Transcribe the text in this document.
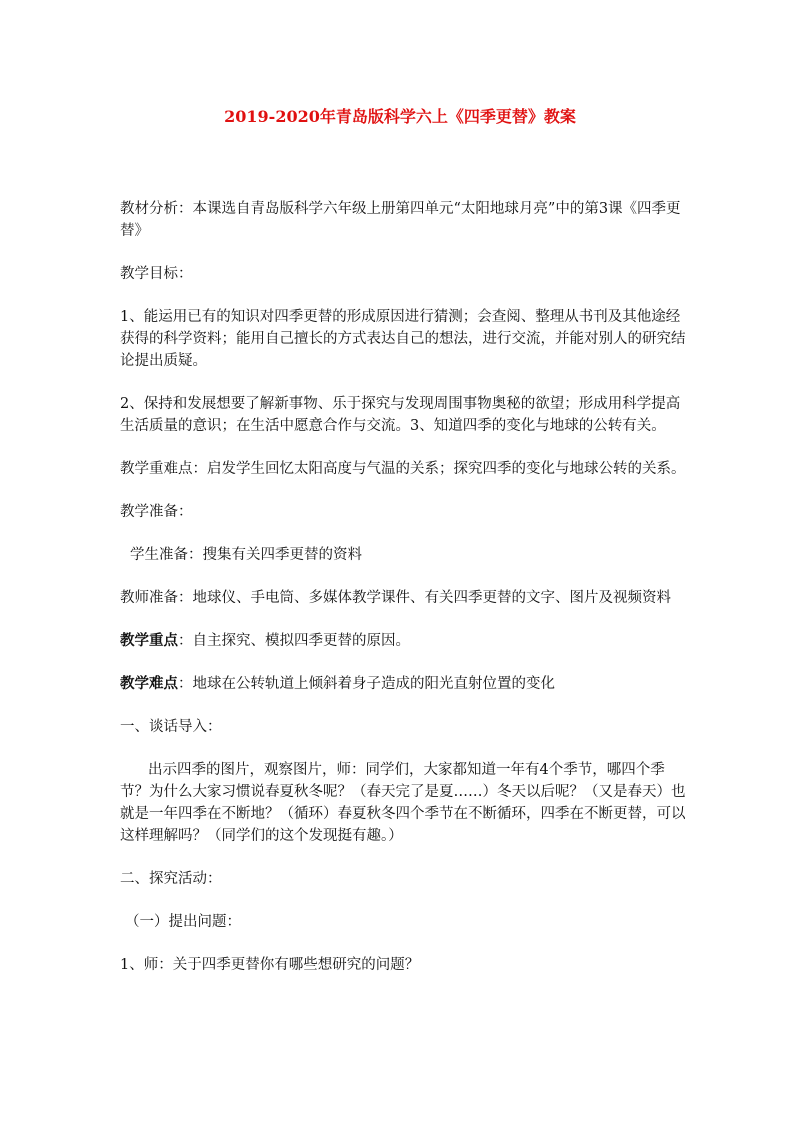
2019-2020年青岛版科学六上《四季更替》教案

教材分析：本课选自青岛版科学六年级上册第四单元“太阳地球月亮”中的第3课《四季更替》

教学目标：

1、能运用已有的知识对四季更替的形成原因进行猜测；会查阅、整理从书刊及其他途经获得的科学资料；能用自己擅长的方式表达自己的想法，进行交流，并能对别人的研究结论提出质疑。

2、保持和发展想要了解新事物、乐于探究与发现周围事物奥秘的欲望；形成用科学提高生活质量的意识；在生活中愿意合作与交流。3、知道四季的变化与地球的公转有关。

教学重难点：启发学生回忆太阳高度与气温的关系；探究四季的变化与地球公转的关系。

教学准备：

学生准备：搜集有关四季更替的资料

教师准备：地球仪、手电筒、多媒体教学课件、有关四季更替的文字、图片及视频资料

教学重点：自主探究、模拟四季更替的原因。

教学难点：地球在公转轨道上倾斜着身子造成的阳光直射位置的变化

一、谈话导入：

出示四季的图片，观察图片，师：同学们，大家都知道一年有4个季节，哪四个季节？为什么大家习惯说春夏秋冬呢？（春天完了是夏……）冬天以后呢？（又是春天）也就是一年四季在不断地？（循环）春夏秋冬四个季节在不断循环，四季在不断更替，可以这样理解吗？（同学们的这个发现挺有趣。）

二、探究活动：

（一）提出问题：

1、师：关于四季更替你有哪些想研究的问题？
